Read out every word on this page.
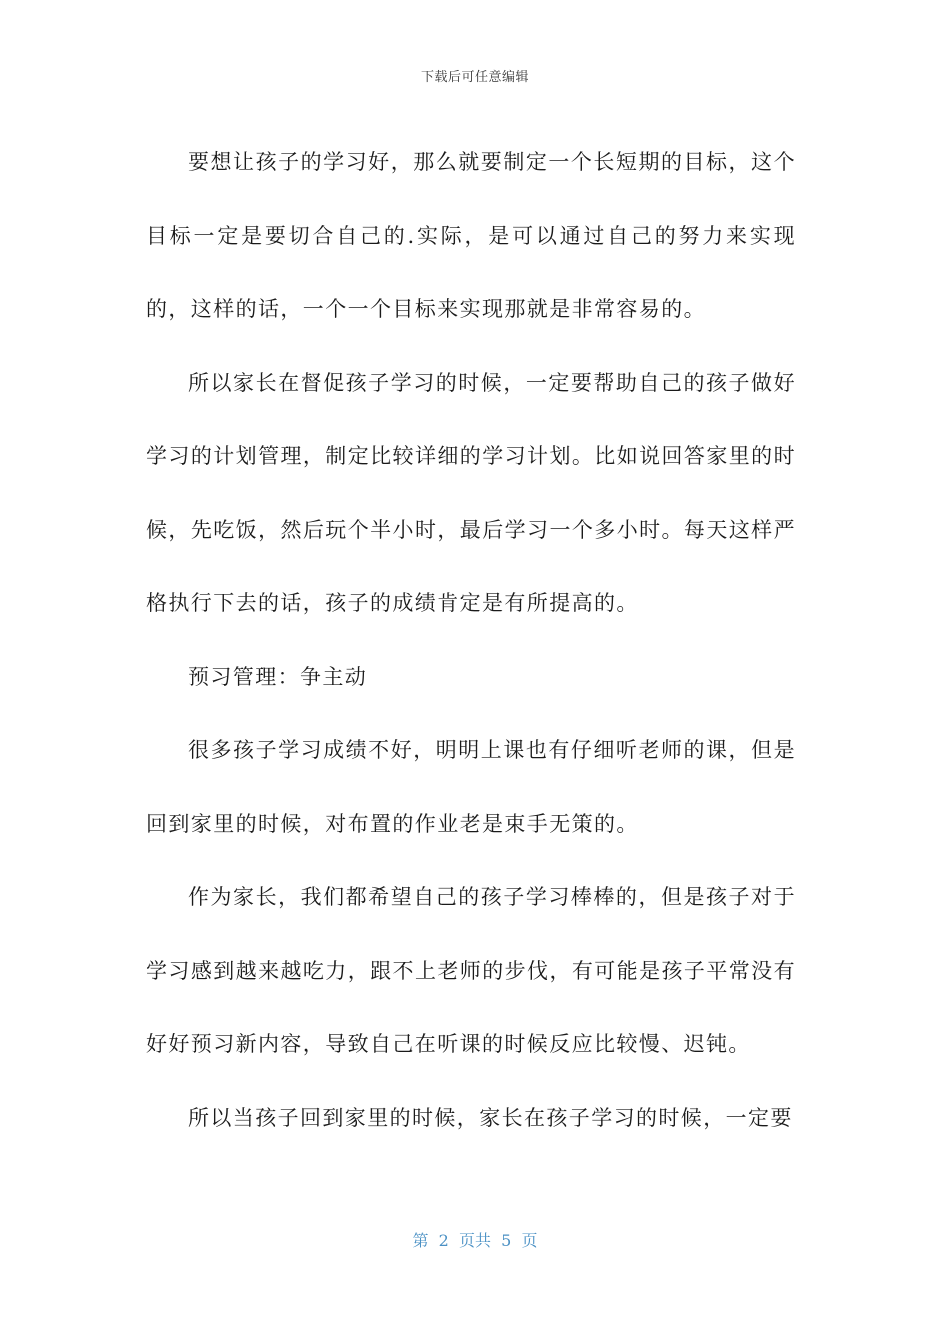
下载后可任意编辑

要想让孩子的学习好，那么就要制定一个长短期的目标，这个目标一定是要切合自己的.实际，是可以通过自己的努力来实现的，这样的话，一个一个目标来实现那就是非常容易的。

所以家长在督促孩子学习的时候，一定要帮助自己的孩子做好学习的计划管理，制定比较详细的学习计划。比如说回答家里的时候，先吃饭，然后玩个半小时，最后学习一个多小时。每天这样严格执行下去的话，孩子的成绩肯定是有所提高的。

预习管理：争主动

很多孩子学习成绩不好，明明上课也有仔细听老师的课，但是回到家里的时候，对布置的作业老是束手无策的。

作为家长，我们都希望自己的孩子学习棒棒的，但是孩子对于学习感到越来越吃力，跟不上老师的步伐，有可能是孩子平常没有好好预习新内容，导致自己在听课的时候反应比较慢、迟钝。

所以当孩子回到家里的时候，家长在孩子学习的时候，一定要

第  2  页共  5  页
